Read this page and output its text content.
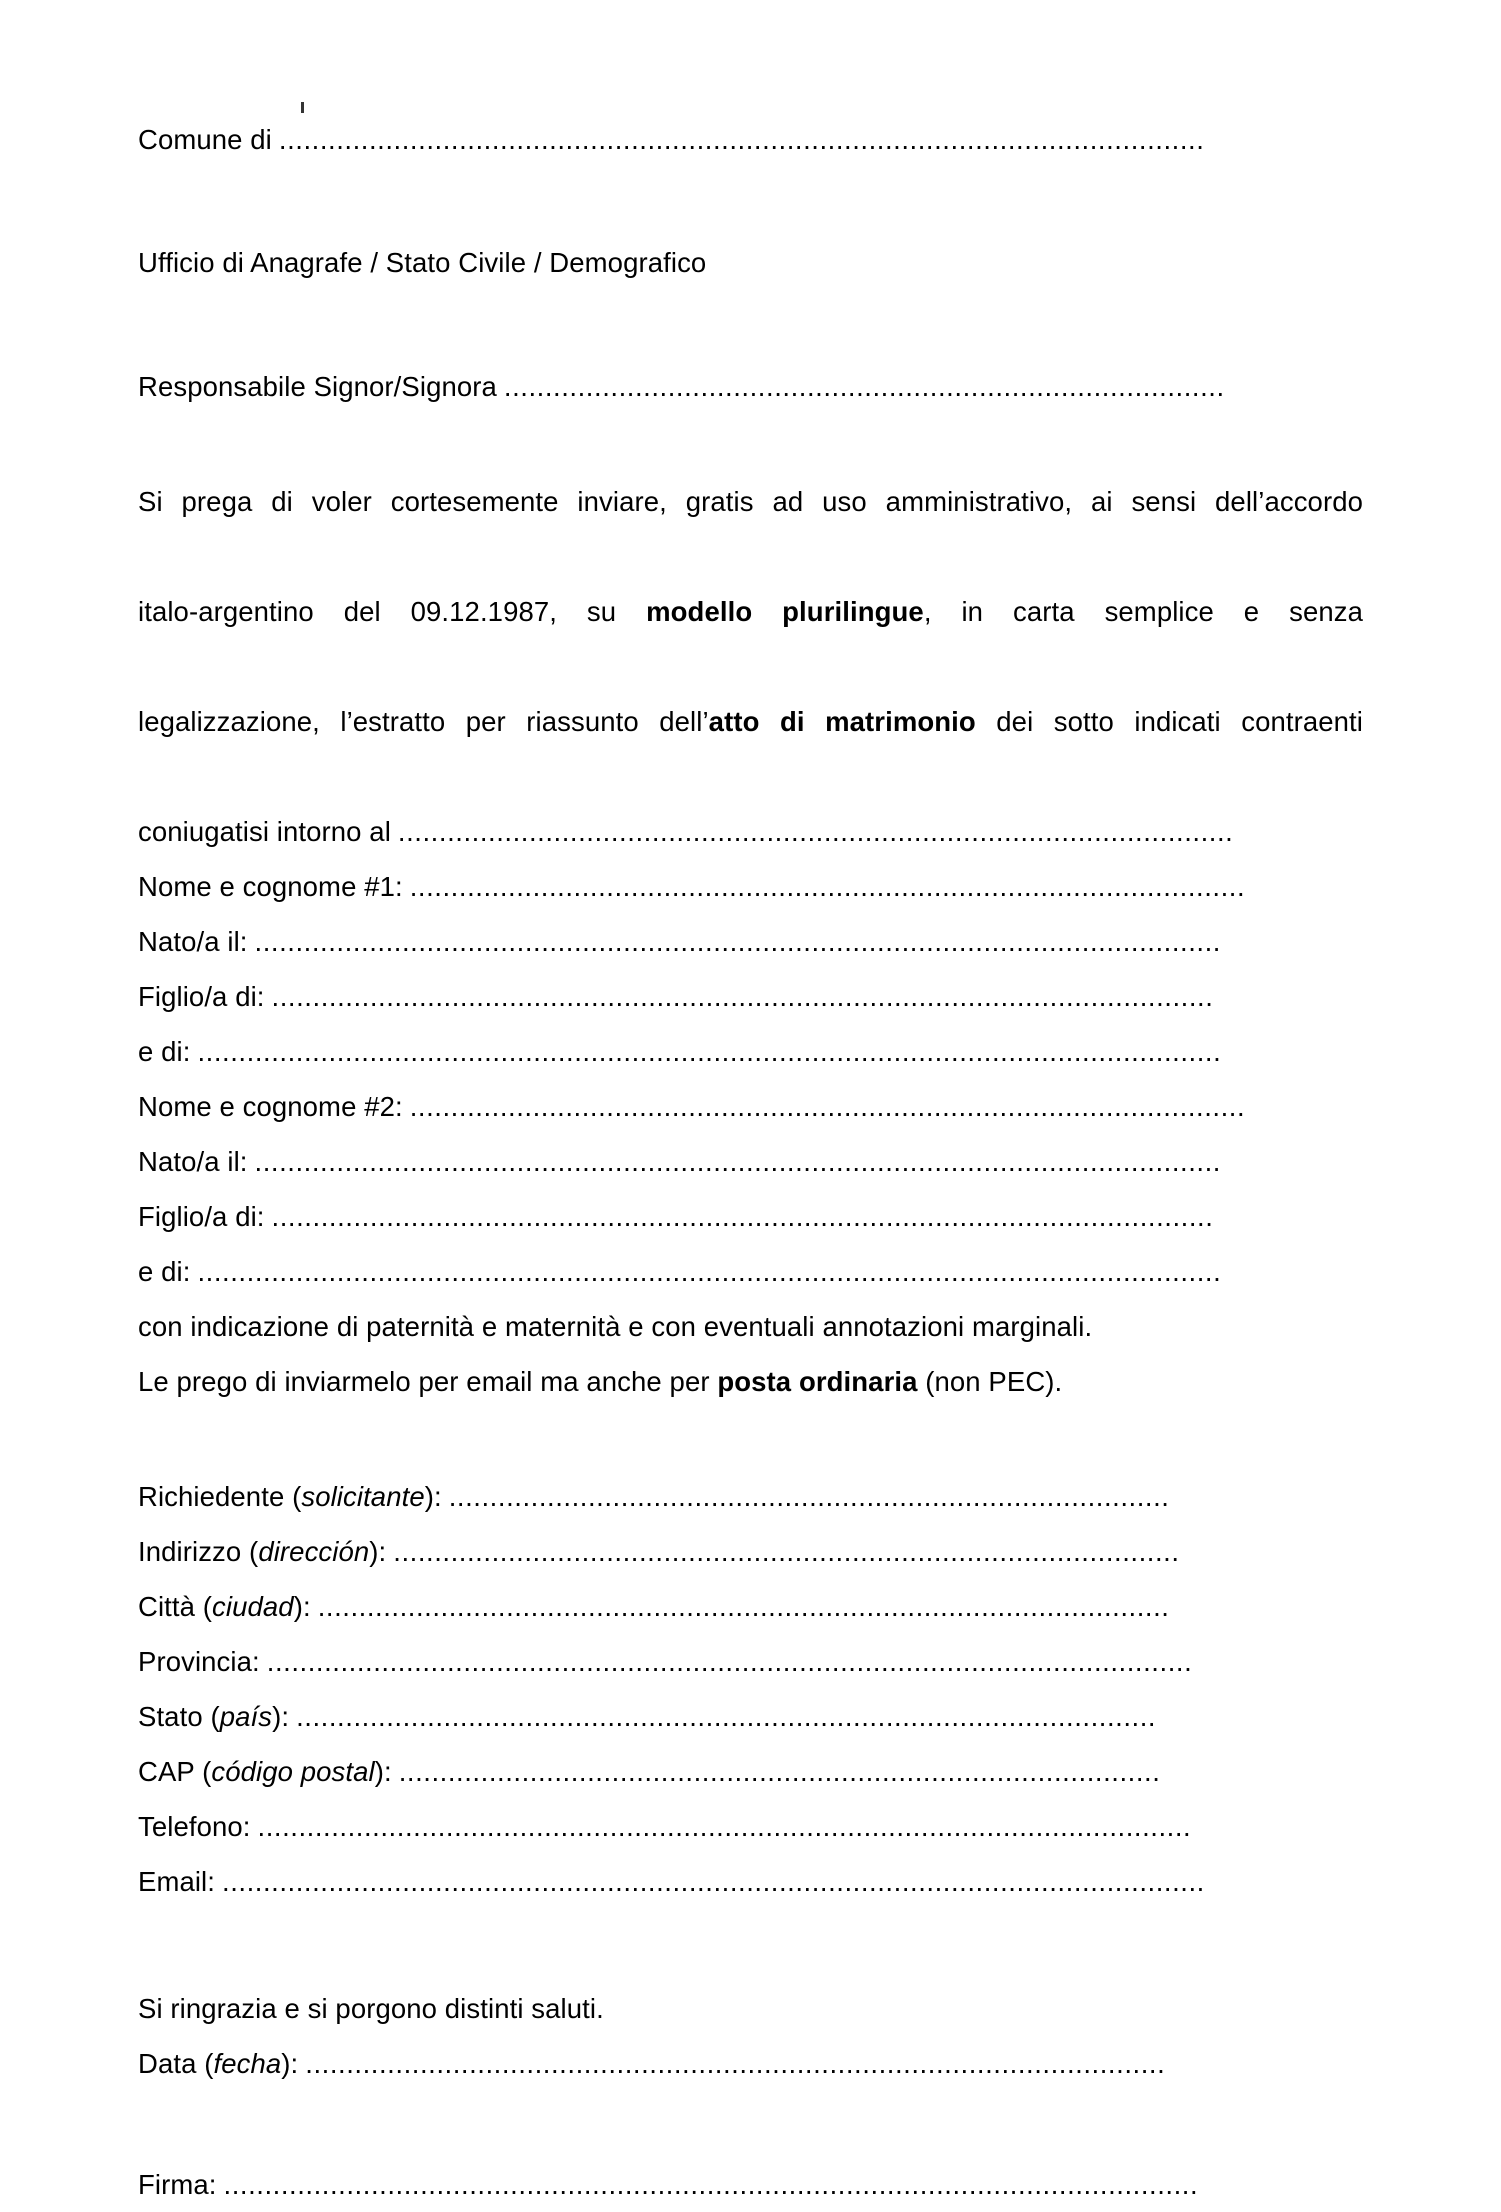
Comune di .................................................................................................................
Ufficio di Anagrafe / Stato Civile / Demografico
Responsabile Signor/Signora ........................................................................................
Si prega di voler cortesemente inviare, gratis ad uso amministrativo, ai sensi dell’accordo
italo-argentino del 09.12.1987, su modello plurilingue, in carta semplice e senza
legalizzazione, l’estratto per riassunto dell’atto di matrimonio dei sotto indicati contraenti
coniugatisi intorno al ......................................................................................................
Nome e cognome #1: ......................................................................................................
Nato/a il: ......................................................................................................................
Figlio/a di: ...................................................................................................................
e di: .............................................................................................................................
Nome e cognome #2: ......................................................................................................
Nato/a il: ......................................................................................................................
Figlio/a di: ...................................................................................................................
e di: .............................................................................................................................
con indicazione di paternità e maternità e con eventuali annotazioni marginali.
Le prego di inviarmelo per email ma anche per posta ordinaria (non PEC).
Richiedente (solicitante): ........................................................................................
Indirizzo (dirección): ................................................................................................
Città (ciudad): ........................................................................................................
Provincia: .................................................................................................................
Stato (país): .........................................................................................................
CAP (código postal): .............................................................................................
Telefono: ..................................................................................................................
Email: ........................................................................................................................
Si ringrazia e si porgono distinti saluti.
Data (fecha): .........................................................................................................
Firma: .......................................................................................................................
